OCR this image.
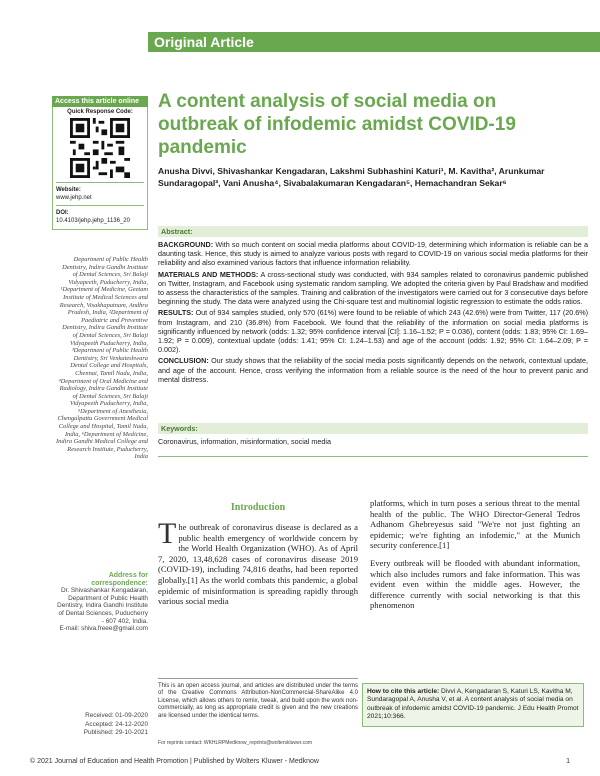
Original Article
Access this article online
Quick Response Code:
Website:
www.jehp.net
DOI:
10.4103/jehp.jehp_1136_20
Department of Public Health Dentistry, Indira Gandhi Institute of Dental Sciences, Sri Balaji Vidyapeeth, Puducherry, India, ¹Department of Medicine, Geetam Institute of Medical Sciences and Research, Visakhapatnam, Andhra Pradesh, India, ²Department of Paediatric and Preventive Dentistry, Indira Gandhi Institute of Dental Sciences, Sri Balaji Vidyapeeth Puducherry, India, ³Department of Public Health Dentistry, Sri Venkateshwara Dental College and Hospitals, Chennai, Tamil Nadu, India, ⁴Department of Oral Medicine and Radiology, Indira Gandhi Institute of Dental Sciences, Sri Balaji Vidyapeeth Puducherry, India, ⁵Department of Anesthesia, Chengalpattu Government Medical College and Hospital, Tamil Nadu, India, ⁶Department of Medicine, Indira Gandhi Medical College and Research Institute, Puducherry, India
Address for correspondence:
Dr. Shivashankar Kengadaran, Department of Public Health Dentistry, Indira Gandhi Institute of Dental Sciences, Puducherry - 607 402, India.
E-mail: shiva.freee@gmail.com
Received: 01-09-2020
Accepted: 24-12-2020
Published: 29-10-2021
A content analysis of social media on outbreak of infodemic amidst COVID-19 pandemic
Anusha Divvi, Shivashankar Kengadaran, Lakshmi Subhashini Katuri¹, M. Kavitha², Arunkumar Sundaragopal³, Vani Anusha⁴, Sivabalakumaran Kengadaran⁵, Hemachandran Sekar⁶
Abstract:

BACKGROUND: With so much content on social media platforms about COVID-19, determining which information is reliable can be a daunting task. Hence, this study is aimed to analyze various posts with regard to COVID-19 on various social media platforms for their reliability and also examined various factors that influence information reliability.

MATERIALS AND METHODS: A cross-sectional study was conducted, with 934 samples related to coronavirus pandemic published on Twitter, Instagram, and Facebook using systematic random sampling. We adopted the criteria given by Paul Bradshaw and modified to assess the characteristics of the samples. Training and calibration of the investigators were carried out for 3 consecutive days before beginning the study. The data were analyzed using the Chi-square test and multinomial logistic regression to estimate the odds ratios.

RESULTS: Out of 934 samples studied, only 570 (61%) were found to be reliable of which 243 (42.6%) were from Twitter, 117 (20.6%) from Instagram, and 210 (36.8%) from Facebook. We found that the reliability of the information on social media platforms is significantly influenced by network (odds: 1.32; 95% confidence interval [CI]: 1.16–1.52; P = 0.036), content (odds: 1.83; 95% CI: 1.69–1.92; P = 0.009), contextual update (odds: 1.41; 95% CI: 1.24–1.53) and age of the account (odds: 1.92; 95% CI: 1.64–2.09; P = 0.002).

CONCLUSION: Our study shows that the reliability of the social media posts significantly depends on the network, contextual update, and age of the account. Hence, cross verifying the information from a reliable source is the need of the hour to prevent panic and mental distress.

Keywords:
Coronavirus, information, misinformation, social media
Introduction
The outbreak of coronavirus disease is declared as a public health emergency of worldwide concern by the World Health Organization (WHO). As of April 7, 2020, 13,48,628 cases of coronavirus disease 2019 (COVID-19), including 74,816 deaths, had been reported globally.[1] As the world combats this pandemic, a global epidemic of misinformation is spreading rapidly through various social media
This is an open access journal, and articles are distributed under the terms of the Creative Commons Attribution-NonCommercial-ShareAlike 4.0 License, which allows others to remix, tweak, and build upon the work non-commercially, as long as appropriate credit is given and the new creations are licensed under the identical terms.
For reprints contact: WKHLRPMedknow_reprints@wolterskluwer.com

platforms, which in turn poses a serious threat to the mental health of the public. The WHO Director-General Tedros Adhanom Ghebreyesus said "We're not just fighting an epidemic; we're fighting an infodemic," at the Munich security conference.[1]

Every outbreak will be flooded with abundant information, which also includes rumors and fake information. This was evident even within the middle ages. However, the difference currently with social networking is that this phenomenon

How to cite this article: Divvi A, Kengadaran S, Katuri LS, Kavitha M, Sundaragopal A, Anusha V, et al. A content analysis of social media on outbreak of infodemic amidst COVID-19 pandemic. J Edu Health Promot 2021;10:366.
© 2021 Journal of Education and Health Promotion | Published by Wolters Kluwer - Medknow	1
